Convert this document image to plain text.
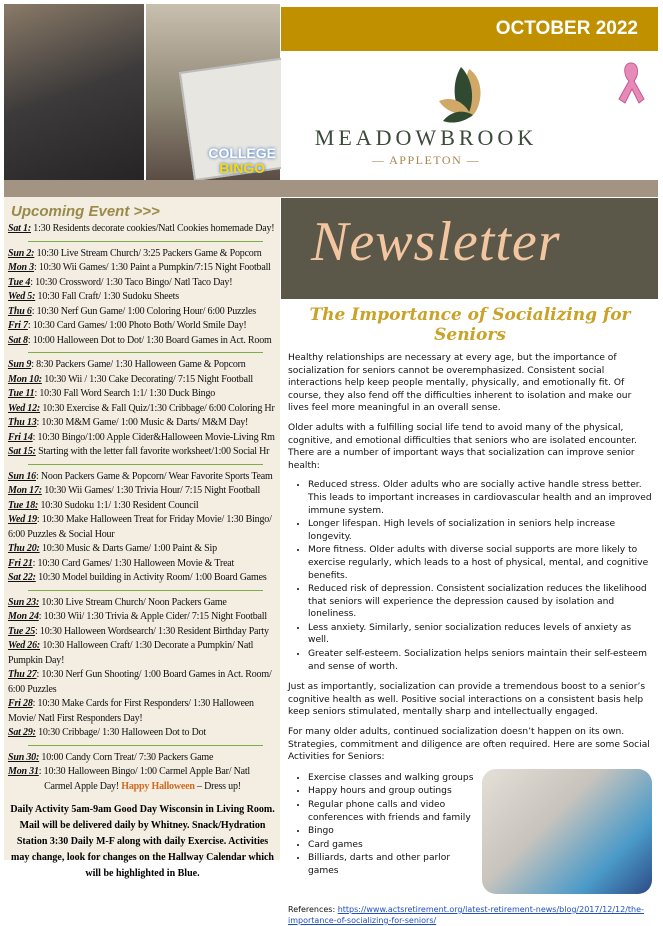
COLLEGE
BINGO
OCTOBER 2022
MEADOWBROOK
— APPLETON —
Newsletter
Upcoming Event >>>
Sat 1: 1:30 Residents decorate cookies/Natl Cookies homemade Day!
Sun 2: 10:30 Live Stream Church/ 3:25 Packers Game & Popcorn
Mon 3: 10:30 Wii Games/ 1:30 Paint a Pumpkin/7:15 Night Football
Tue 4: 10:30 Crossword/ 1:30 Taco Bingo/ Natl Taco Day!
Wed 5: 10:30 Fall Craft/ 1:30 Sudoku Sheets
Thu 6: 10:30 Nerf Gun Game/ 1:00 Coloring Hour/ 6:00 Puzzles
Fri 7: 10:30 Card Games/ 1:00 Photo Both/ World Smile Day!
Sat 8: 10:00 Halloween Dot to Dot/ 1:30 Board Games in Act. Room
Sun 9: 8:30 Packers Game/ 1:30 Halloween Game & Popcorn
Mon 10: 10:30 Wii / 1:30 Cake Decorating/ 7:15 Night Football
Tue 11: 10:30 Fall Word Search 1:1/ 1:30 Duck Bingo
Wed 12: 10:30 Exercise & Fall Quiz/1:30 Cribbage/ 6:00 Coloring Hr
Thu 13: 10:30 M&M Game/ 1:00 Music & Darts/ M&M Day!
Fri 14: 10:30 Bingo/1:00 Apple Cider&Halloween Movie-Living Rm
Sat 15: Starting with the letter fall favorite worksheet/1:00 Social Hr
Sun 16: Noon Packers Game & Popcorn/ Wear Favorite Sports Team
Mon 17: 10:30 Wii Games/ 1:30 Trivia Hour/ 7:15 Night Football
Tue 18: 10:30 Sudoku 1:1/ 1:30 Resident Council
Wed 19: 10:30 Make Halloween Treat for Friday Movie/ 1:30 Bingo/ 6:00 Puzzles & Social Hour
Thu 20: 10:30 Music & Darts Game/ 1:00 Paint & Sip
Fri 21: 10:30 Card Games/ 1:30 Halloween Movie & Treat
Sat 22: 10:30 Model building in Activity Room/ 1:00 Board Games
Sun 23: 10:30 Live Stream Church/ Noon Packers Game
Mon 24: 10:30 Wii/ 1:30 Trivia & Apple Cider/ 7:15 Night Football
Tue 25: 10:30 Halloween Wordsearch/ 1:30 Resident Birthday Party
Wed 26: 10:30 Halloween Craft/ 1:30 Decorate a Pumpkin/ Natl Pumpkin Day!
Thu 27: 10:30 Nerf Gun Shooting/ 1:00 Board Games in Act. Room/ 6:00 Puzzles
Fri 28: 10:30 Make Cards for First Responders/ 1:30 Halloween Movie/ Natl First Responders Day!
Sat 29: 10:30 Cribbage/ 1:30 Halloween Dot to Dot
Sun 30: 10:00 Candy Corn Treat/ 7:30 Packers Game
Mon 31: 10:30 Halloween Bingo/ 1:00 Carmel Apple Bar/ Natl
Carmel Apple Day! Happy Halloween – Dress up!
Daily Activity 5am-9am Good Day Wisconsin in Living Room. Mail will be delivered daily by Whitney. Snack/Hydration Station 3:30 Daily M-F along with daily Exercise. Activities may change, look for changes on the Hallway Calendar which will be highlighted in Blue.
The Importance of Socializing for Seniors

Healthy relationships are necessary at every age, but the importance of socialization for seniors cannot be overemphasized. Consistent social interactions help keep people mentally, physically, and emotionally fit. Of course, they also fend off the difficulties inherent to isolation and make our lives feel more meaningful in an overall sense.

Older adults with a fulfilling social life tend to avoid many of the physical, cognitive, and emotional difficulties that seniors who are isolated encounter. There are a number of important ways that socialization can improve senior health:

• Reduced stress. Older adults who are socially active handle stress better. This leads to important increases in cardiovascular health and an improved immune system.
• Longer lifespan. High levels of socialization in seniors help increase longevity.
• More fitness. Older adults with diverse social supports are more likely to exercise regularly, which leads to a host of physical, mental, and cognitive benefits.
• Reduced risk of depression. Consistent socialization reduces the likelihood that seniors will experience the depression caused by isolation and loneliness.
• Less anxiety. Similarly, senior socialization reduces levels of anxiety as well.
• Greater self-esteem. Socialization helps seniors maintain their self-esteem and sense of worth.

Just as importantly, socialization can provide a tremendous boost to a senior’s cognitive health as well. Positive social interactions on a consistent basis help keep seniors stimulated, mentally sharp and intellectually engaged.

For many older adults, continued socialization doesn’t happen on its own. Strategies, commitment and diligence are often required. Here are some Social Activities for Seniors:

• Exercise classes and walking groups
• Happy hours and group outings
• Regular phone calls and video conferences with friends and family
• Bingo
• Card games
• Billiards, darts and other parlor games
References: https://www.actsretirement.org/latest-retirement-news/blog/2017/12/12/the-importance-of-socializing-for-seniors/
